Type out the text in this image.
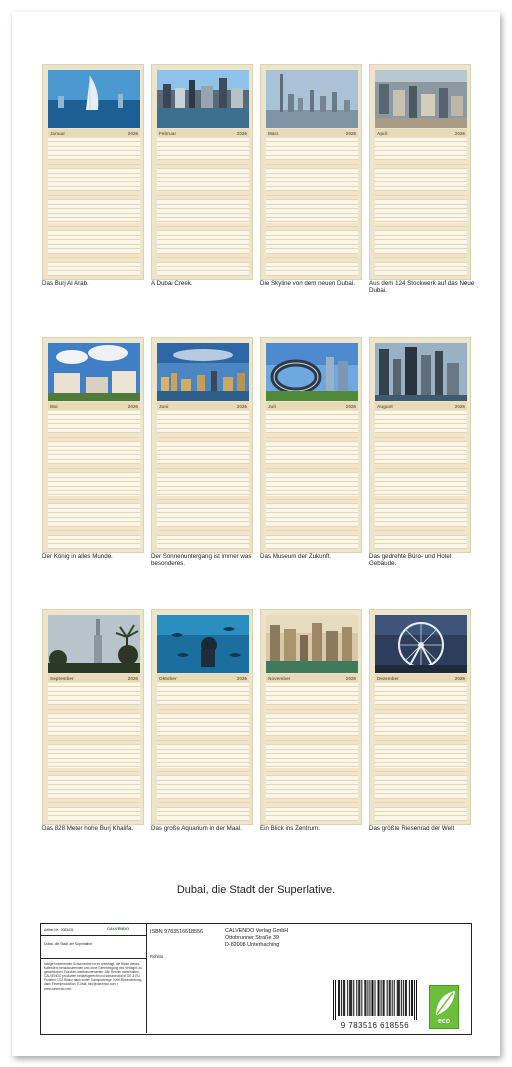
Januar	2026
Das Burj Al Arab.
Februar	2026
A Dubai Creek.
März	2026
Die Skyline von dem neuen Dubai.
April	2026
Aus dem 124 Stockwerk auf das Neue Dubai.
Mai	2026
Der König in alles Munde.
Juni	2026
Der Sonnenuntergang ist immer was besonderes.
Juli	2026
Das Museum der Zukunft.
August	2026
Das gedrehte Büro- und Hotel Gebäude.
September	2026
Das 828 Meter hohe Burj Khalifa.
Oktober	2026
Das große Aquarium in der Maal.
November	2026
Ein Blick ins Zentrum.
Dezember	2026
Das größte Riesenrad der Welt
Dubai, die Stadt der Superlative.
Artikel Nr.: 2083431	CALVENDO
Dubai, die Stadt der Superlative.
Infolge bestehender Schutzrechte ist es untersagt, die Bilder dieses Kalenders herauszutrennen und ohne Genehmigung des Verlages zu gewerblichen Zwecken weiterzuverwerten. Alle Rechte vorbehalten. CALVENDO produziert bedarfsgerecht und klimaneutral in DE & EU. Preisfrei CO2-Bilanz dank sorter Transportwege. Kehl-Rheinwerbung dank Einzelproduktion. E-Mail: info@calvendo.com • www.calvendo.com
ISBN 9783516618556	CALVENDO Verlag GmbH
Ottobrunner Straße 39
D-82008 Unterhaching
Rohlos
9 783516 618556	eco
